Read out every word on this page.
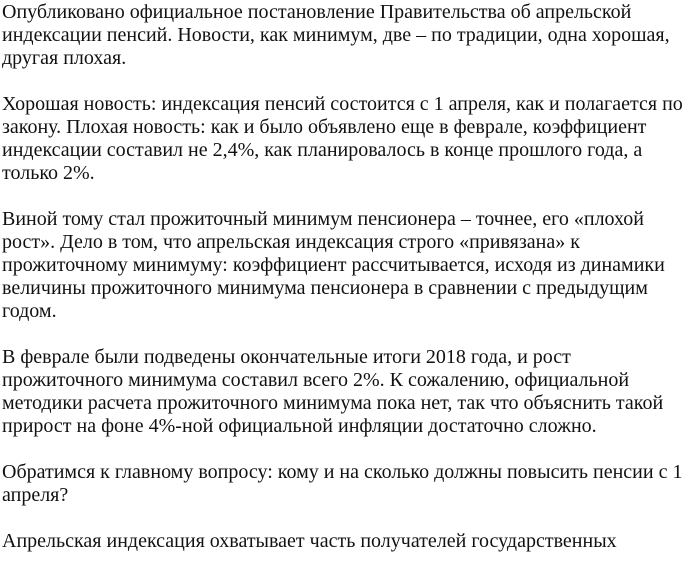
Опубликовано официальное постановление Правительства об апрельской индексации пенсий. Новости, как минимум, две – по традиции, одна хорошая, другая плохая.

Хорошая новость: индексация пенсий состоится с 1 апреля, как и полагается по закону. Плохая новость: как и было объявлено еще в феврале, коэффициент индексации составил не 2,4%, как планировалось в конце прошлого года, а только 2%.

Виной тому стал прожиточный минимум пенсионера – точнее, его «плохой рост». Дело в том, что апрельская индексация строго «привязана» к прожиточному минимуму: коэффициент рассчитывается, исходя из динамики величины прожиточного минимума пенсионера в сравнении с предыдущим годом.

В феврале были подведены окончательные итоги 2018 года, и рост прожиточного минимума составил всего 2%. К сожалению, официальной методики расчета прожиточного минимума пока нет, так что объяснить такой прирост на фоне 4%-ной официальной инфляции достаточно сложно.

Обратимся к главному вопросу: кому и на сколько должны повысить пенсии с 1 апреля?

Апрельская индексация охватывает часть получателей государственных
